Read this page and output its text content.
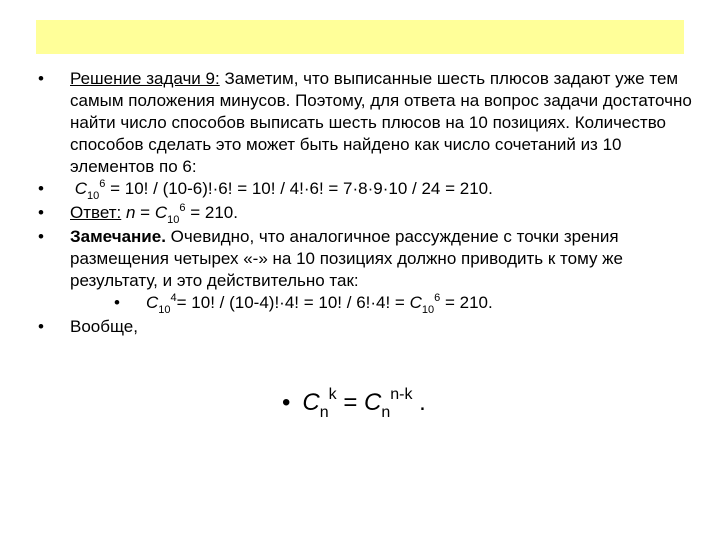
• Решение задачи 9: Заметим, что выписанные шесть плюсов задают уже тем самым положения минусов. Поэтому, для ответа на вопрос задачи достаточно найти число способов выписать шесть плюсов на 10 позициях. Количество способов сделать это может быть найдено как число сочетаний из 10 элементов по 6:
• $C_{10}^6 = 10$! / (10-6)!·6! = 10! / 4!·6! = 7·8·9·10 / 24 = 210.
• Ответ: $n = C_{10}^6 = 210$.
• Замечание. Очевидно, что аналогичное рассуждение с точки зрения размещения четырех «-» на 10 позициях должно приводить к тому же результату, и это действительно так:
• $C_{10}^4= 10$! / (10-4)!·4! = 10! / 6!·4! = $C_{10}^6 = 210$.
• Вообще,
• $C_n^k = C_n^{n-k}$ .
